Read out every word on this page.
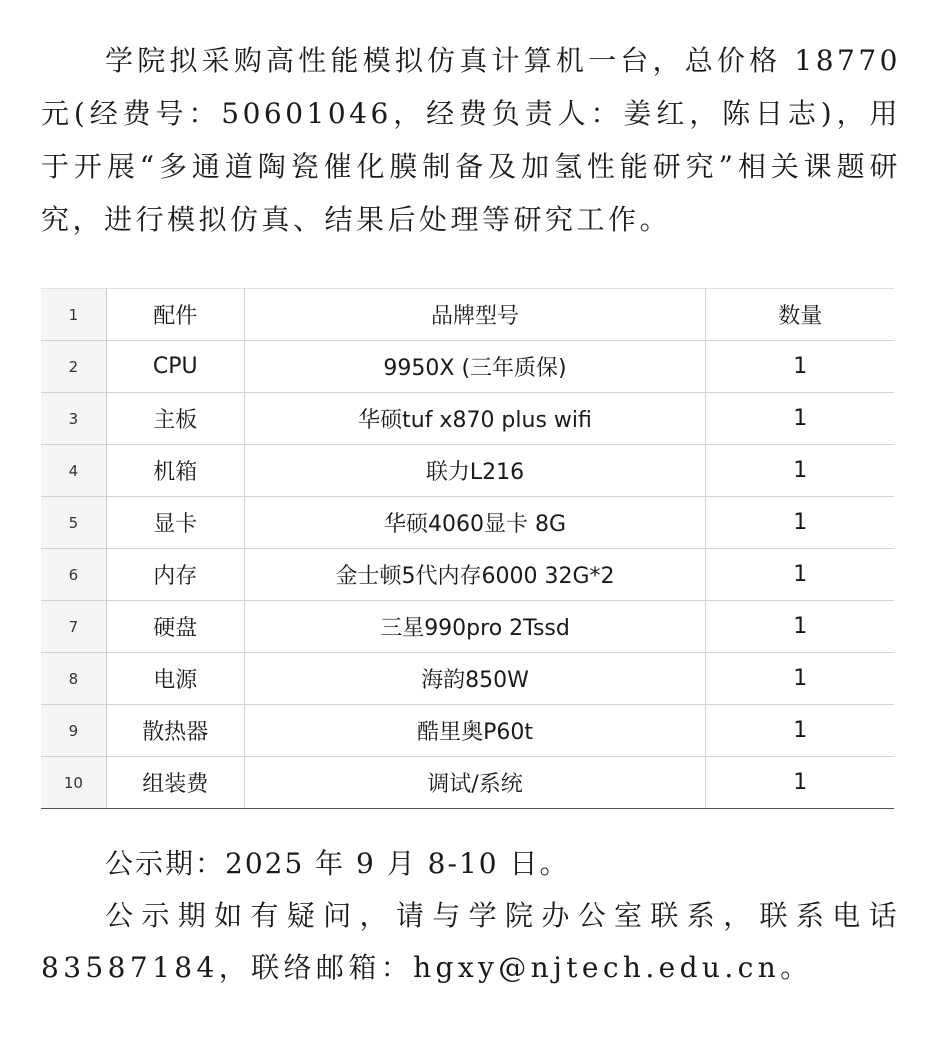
学院拟采购高性能模拟仿真计算机一台，总价格 18770元(经费号：50601046，经费负责人：姜红，陈日志)，用于开展“多通道陶瓷催化膜制备及加氢性能研究”相关课题研究，进行模拟仿真、结果后处理等研究工作。

1	配件	品牌型号	数量
2	CPU	9950X (三年质保)	1
3	主板	华硕tuf x870 plus wifi	1
4	机箱	联力L216	1
5	显卡	华硕4060显卡 8G	1
6	内存	金士顿5代内存6000 32G*2	1
7	硬盘	三星990pro 2Tssd	1
8	电源	海韵850W	1
9	散热器	酷里奥P60t	1
10	组装费	调试/系统	1

公示期：2025 年 9 月 8-10 日。

公示期如有疑问，请与学院办公室联系，联系电话83587184，联络邮箱：hgxy@njtech.edu.cn。
